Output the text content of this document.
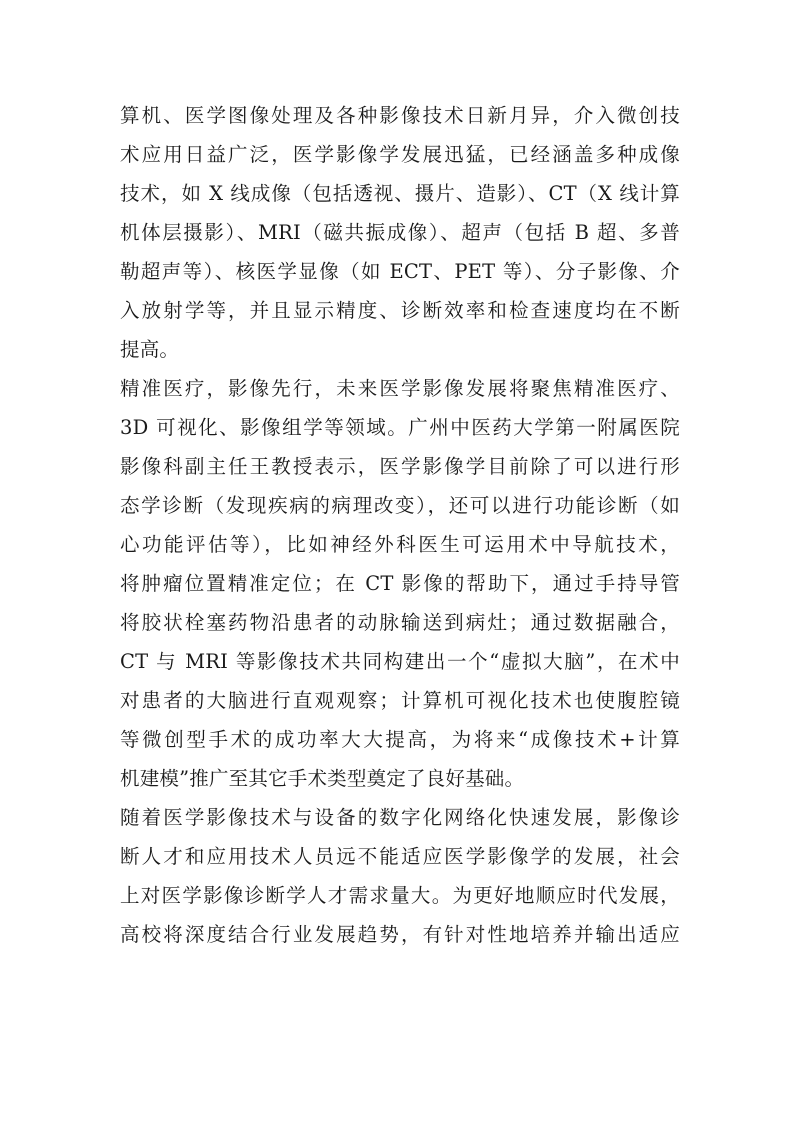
算机、医学图像处理及各种影像技术日新月异，介入微创技

术应用日益广泛，医学影像学发展迅猛，已经涵盖多种成像

技术，如 X 线成像（包括透视、摄片、造影）、CT（X 线计算

机体层摄影）、MRI（磁共振成像）、超声（包括 B 超、多普

勒超声等）、核医学显像（如 ECT、PET 等）、分子影像、介

入放射学等，并且显示精度、诊断效率和检查速度均在不断

提高。

精准医疗，影像先行，未来医学影像发展将聚焦精准医疗、

3D 可视化、影像组学等领域。广州中医药大学第一附属医院

影像科副主任王教授表示，医学影像学目前除了可以进行形

态学诊断（发现疾病的病理改变），还可以进行功能诊断（如

心功能评估等），比如神经外科医生可运用术中导航技术，

将肿瘤位置精准定位；在 CT 影像的帮助下，通过手持导管

将胶状栓塞药物沿患者的动脉输送到病灶；通过数据融合，

CT 与 MRI 等影像技术共同构建出一个“虚拟大脑”，在术中

对患者的大脑进行直观观察；计算机可视化技术也使腹腔镜

等微创型手术的成功率大大提高，为将来“成像技术+计算

机建模”推广至其它手术类型奠定了良好基础。

随着医学影像技术与设备的数字化网络化快速发展，影像诊

断人才和应用技术人员远不能适应医学影像学的发展，社会

上对医学影像诊断学人才需求量大。为更好地顺应时代发展，

高校将深度结合行业发展趋势，有针对性地培养并输出适应
